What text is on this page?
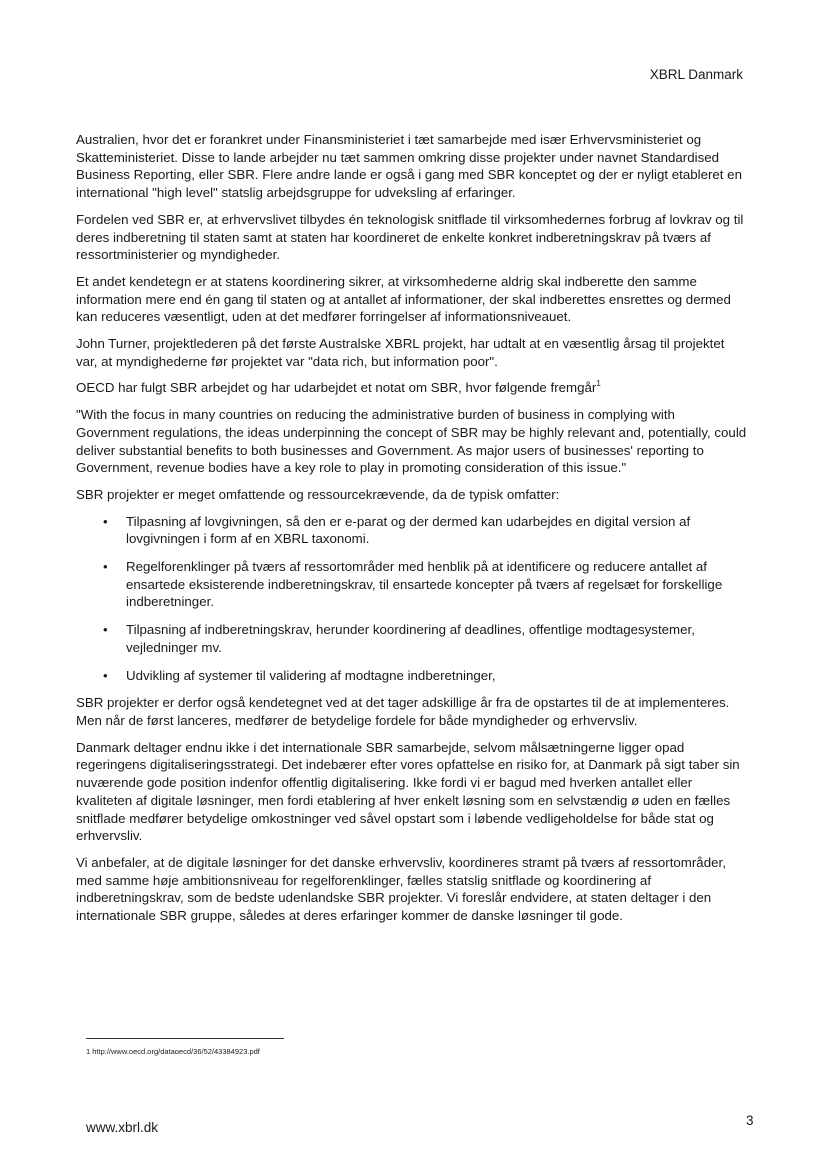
XBRL Danmark

Australien, hvor det er forankret under Finansministeriet i tæt samarbejde med især Erhvervsministeriet og Skatteministeriet. Disse to lande arbejder nu tæt sammen omkring disse projekter under navnet Standardised Business Reporting, eller SBR. Flere andre lande er også i gang med SBR konceptet og der er nyligt etableret en international "high level" statslig arbejdsgruppe for udveksling af erfaringer.

Fordelen ved SBR er, at erhvervslivet tilbydes én teknologisk snitflade til virksomhedernes forbrug af lovkrav og til deres indberetning til staten samt at staten har koordineret de enkelte konkret indberetningskrav på tværs af ressortministerier og myndigheder.

Et andet kendetegn er at statens koordinering sikrer, at virksomhederne aldrig skal indberette den samme information mere end én gang til staten og at antallet af informationer, der skal indberettes ensrettes og dermed kan reduceres væsentligt, uden at det medfører forringelser af informationsniveauet.

John Turner, projektlederen på det første Australske XBRL projekt, har udtalt at en væsentlig årsag til projektet var, at myndighederne før projektet var "data rich, but information poor".

OECD har fulgt SBR arbejdet og har udarbejdet et notat om SBR, hvor følgende fremgår$^1$

"With the focus in many countries on reducing the administrative burden of business in complying with Government regulations, the ideas underpinning the concept of SBR may be highly relevant and, potentially, could deliver substantial benefits to both businesses and Government. As major users of businesses' reporting to Government, revenue bodies have a key role to play in promoting consideration of this issue."

SBR projekter er meget omfattende og ressourcekrævende, da de typisk omfatter:

• Tilpasning af lovgivningen, så den er e-parat og der dermed kan udarbejdes en digital version af lovgivningen i form af en XBRL taxonomi.
• Regelforenklinger på tværs af ressortområder med henblik på at identificere og reducere antallet af ensartede eksisterende indberetningskrav, til ensartede koncepter på tværs af regelsæt for forskellige indberetninger.
• Tilpasning af indberetningskrav, herunder koordinering af deadlines, offentlige modtagesystemer, vejledninger mv.
• Udvikling af systemer til validering af modtagne indberetninger,

SBR projekter er derfor også kendetegnet ved at det tager adskillige år fra de opstartes til de at implementeres. Men når de først lanceres, medfører de betydelige fordele for både myndigheder og erhvervsliv.

Danmark deltager endnu ikke i det internationale SBR samarbejde, selvom målsætningerne ligger opad regeringens digitaliseringsstrategi. Det indebærer efter vores opfattelse en risiko for, at Danmark på sigt taber sin nuværende gode position indenfor offentlig digitalisering. Ikke fordi vi er bagud med hverken antallet eller kvaliteten af digitale løsninger, men fordi etablering af hver enkelt løsning som en selvstændig ø uden en fælles snitflade medfører betydelige omkostninger ved såvel opstart som i løbende vedligeholdelse for både stat og erhvervsliv.

Vi anbefaler, at de digitale løsninger for det danske erhvervsliv, koordineres stramt på tværs af ressortområder, med samme høje ambitionsniveau for regelforenklinger, fælles statslig snitflade og koordinering af indberetningskrav, som de bedste udenlandske SBR projekter. Vi foreslår endvidere, at staten deltager i den internationale SBR gruppe, således at deres erfaringer kommer de danske løsninger til gode.

1 http://www.oecd.org/dataoecd/36/52/43384923.pdf
www.xbrl.dk	3
